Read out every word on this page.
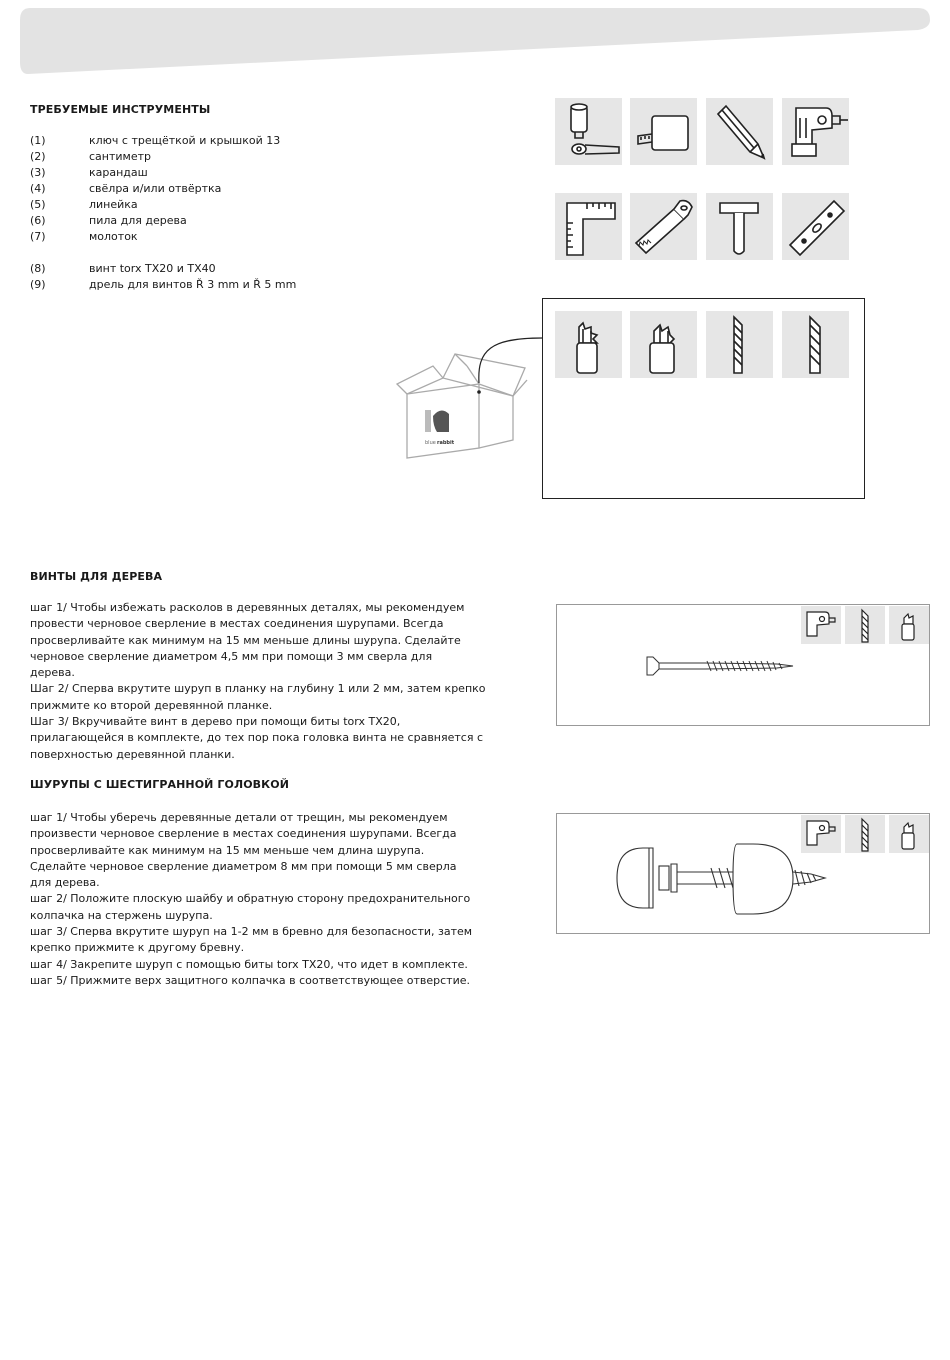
ТРЕБУЕМЫЕ ИНСТРУМЕНТЫ
(1)	ключ с трещёткой и крышкой 13
(2)	сантиметр
(3)	карандаш
(4)	свёлра и/или отвёртка
(5)	линейка
(6)	пила для дерева
(7)	молоток
(8)	винт torx TX20 и TX40
(9)	дрель для винтов Ř 3 mm и Ř 5 mm
blue rabbit
ВИНТЫ ДЛЯ ДЕРЕВА
шаг 1/ Чтобы избежать расколов в деревянных деталях, мы рекомендуем
провести черновое сверление в местах соединения шурупами. Всегда
просверливайте как минимум на 15 мм меньше длины шурупа. Сделайте
черновое сверление диаметром 4,5 мм при помощи 3 мм сверла для
дерева.
Шаг 2/ Сперва вкрутите шуруп в планку на глубину 1 или 2 мм, затем крепко
прижмите ко второй деревянной планке.
Шаг 3/ Вкручивайте винт в дерево при помощи биты torx TX20,
прилагающейся в комплекте, до тех пор пока головка винта не сравняется с
поверхностью деревянной планки.
ШУРУПЫ С ШЕСТИГРАННОЙ ГОЛОВКОЙ
шаг 1/ Чтобы уберечь деревянные детали от трещин, мы рекомендуем
произвести черновое сверление в местах соединения шурупами. Всегда
просверливайте как минимум на 15 мм меньше чем длина шурупа.
Сделайте черновое сверление диаметром 8 мм при помощи 5 мм сверла
для дерева.
шаг 2/ Положите плоскую шайбу и обратную сторону предохранительного
колпачка на стержень шурупа.
шаг 3/ Сперва вкрутите шуруп на 1-2 мм в бревно для безопасности, затем
крепко прижмите к другому бревну.
шаг 4/ Закрепите шуруп с помощью биты torx TX20, что идет в комплекте.
шаг 5/ Прижмите верх защитного колпачка в соответствующее отверстие.
